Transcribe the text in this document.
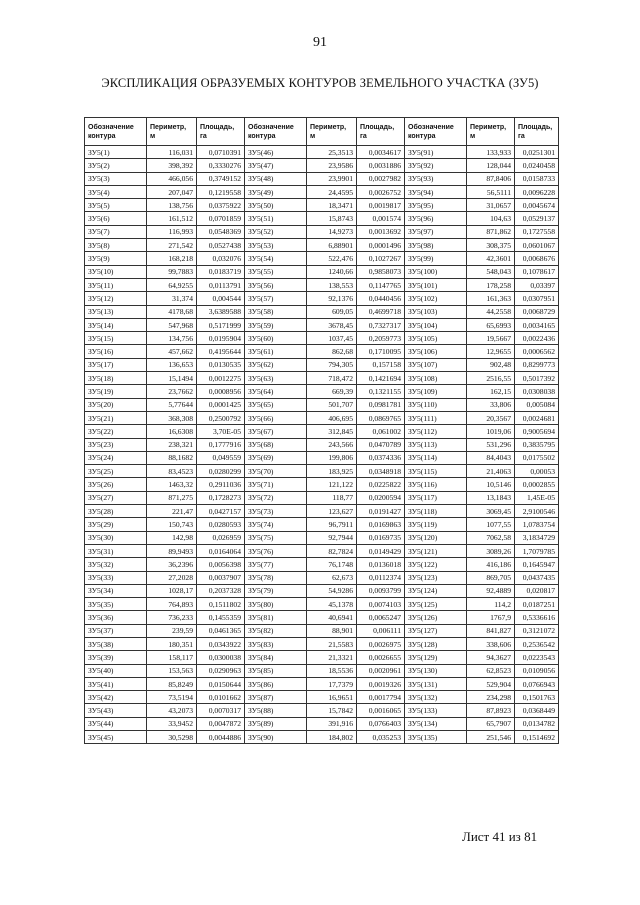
91
ЭКСПЛИКАЦИЯ ОБРАЗУЕМЫХ КОНТУРОВ ЗЕМЕЛЬНОГО УЧАСТКА (ЗУ5)
Обозначение контура	Периметр, м	Площадь, га	Обозначение контура	Периметр, м	Площадь, га	Обозначение контура	Периметр, м	Площадь, га
ЗУ5(1)	116,031	0,0710391	ЗУ5(46)	25,3513	0,0034617	ЗУ5(91)	133,933	0,0251301
ЗУ5(2)	398,392	0,3330276	ЗУ5(47)	23,9586	0,0031886	ЗУ5(92)	128,044	0,0240458
ЗУ5(3)	466,056	0,3749152	ЗУ5(48)	23,9901	0,0027982	ЗУ5(93)	87,8406	0,0158733
ЗУ5(4)	207,047	0,1219558	ЗУ5(49)	24,4595	0,0026752	ЗУ5(94)	56,5111	0,0096228
ЗУ5(5)	138,756	0,0375922	ЗУ5(50)	18,3471	0,0019817	ЗУ5(95)	31,0657	0,0045674
ЗУ5(6)	161,512	0,0701859	ЗУ5(51)	15,8743	0,001574	ЗУ5(96)	104,63	0,0529137
ЗУ5(7)	116,993	0,0548369	ЗУ5(52)	14,9273	0,0013692	ЗУ5(97)	871,862	0,1727558
ЗУ5(8)	271,542	0,0527438	ЗУ5(53)	6,88901	0,0001496	ЗУ5(98)	308,375	0,0601067
ЗУ5(9)	168,218	0,032076	ЗУ5(54)	522,476	0,1027267	ЗУ5(99)	42,3601	0,0068676
ЗУ5(10)	99,7883	0,0183719	ЗУ5(55)	1240,66	0,9858073	ЗУ5(100)	548,043	0,1078617
ЗУ5(11)	64,9255	0,0113791	ЗУ5(56)	138,553	0,1147765	ЗУ5(101)	178,258	0,03397
ЗУ5(12)	31,374	0,004544	ЗУ5(57)	92,1376	0,0440456	ЗУ5(102)	161,363	0,0307951
ЗУ5(13)	4178,68	3,6389588	ЗУ5(58)	609,05	0,4699718	ЗУ5(103)	44,2558	0,0068729
ЗУ5(14)	547,968	0,5171999	ЗУ5(59)	3678,45	0,7327317	ЗУ5(104)	65,6993	0,0034165
ЗУ5(15)	134,756	0,0195904	ЗУ5(60)	1037,45	0,2059773	ЗУ5(105)	19,5667	0,0022436
ЗУ5(16)	457,662	0,4195644	ЗУ5(61)	862,68	0,1710095	ЗУ5(106)	12,9655	0,0006562
ЗУ5(17)	136,653	0,0130535	ЗУ5(62)	794,305	0,157158	ЗУ5(107)	902,48	0,8299773
ЗУ5(18)	15,1494	0,0012275	ЗУ5(63)	718,472	0,1421694	ЗУ5(108)	2516,55	0,5017392
ЗУ5(19)	23,7662	0,0008956	ЗУ5(64)	669,39	0,1321155	ЗУ5(109)	162,15	0,0308038
ЗУ5(20)	5,77644	0,0001425	ЗУ5(65)	501,707	0,0981781	ЗУ5(110)	33,806	0,005084
ЗУ5(21)	368,308	0,2500792	ЗУ5(66)	406,695	0,0869765	ЗУ5(111)	20,3567	0,0024681
ЗУ5(22)	16,6308	3,70E-05	ЗУ5(67)	312,845	0,061002	ЗУ5(112)	1019,06	0,9005694
ЗУ5(23)	238,321	0,1777916	ЗУ5(68)	243,566	0,0470789	ЗУ5(113)	531,296	0,3835795
ЗУ5(24)	88,1682	0,049559	ЗУ5(69)	199,806	0,0374336	ЗУ5(114)	84,4043	0,0175502
ЗУ5(25)	83,4523	0,0280299	ЗУ5(70)	183,925	0,0348918	ЗУ5(115)	21,4063	0,00053
ЗУ5(26)	1463,32	0,2911036	ЗУ5(71)	121,122	0,0225822	ЗУ5(116)	10,5146	0,0002855
ЗУ5(27)	871,275	0,1728273	ЗУ5(72)	118,77	0,0200594	ЗУ5(117)	13,1843	1,45E-05
ЗУ5(28)	221,47	0,0427157	ЗУ5(73)	123,627	0,0191427	ЗУ5(118)	3069,45	2,9100546
ЗУ5(29)	150,743	0,0280593	ЗУ5(74)	96,7911	0,0169863	ЗУ5(119)	1077,55	1,0783754
ЗУ5(30)	142,98	0,026959	ЗУ5(75)	92,7944	0,0169735	ЗУ5(120)	7062,58	3,1834729
ЗУ5(31)	89,9493	0,0164064	ЗУ5(76)	82,7824	0,0149429	ЗУ5(121)	3089,26	1,7079785
ЗУ5(32)	36,2396	0,0056398	ЗУ5(77)	76,1748	0,0136018	ЗУ5(122)	416,186	0,1645947
ЗУ5(33)	27,2028	0,0037907	ЗУ5(78)	62,673	0,0112374	ЗУ5(123)	869,705	0,0437435
ЗУ5(34)	1028,17	0,2037328	ЗУ5(79)	54,9286	0,0093799	ЗУ5(124)	92,4889	0,020817
ЗУ5(35)	764,893	0,1511802	ЗУ5(80)	45,1378	0,0074103	ЗУ5(125)	114,2	0,0187251
ЗУ5(36)	736,233	0,1455359	ЗУ5(81)	40,6941	0,0065247	ЗУ5(126)	1767,9	0,5336616
ЗУ5(37)	239,59	0,0461365	ЗУ5(82)	88,901	0,006111	ЗУ5(127)	841,827	0,3121072
ЗУ5(38)	180,351	0,0343922	ЗУ5(83)	21,5583	0,0026975	ЗУ5(128)	338,606	0,2536542
ЗУ5(39)	158,117	0,0300038	ЗУ5(84)	21,3321	0,0026655	ЗУ5(129)	94,3627	0,0223543
ЗУ5(40)	153,563	0,0290963	ЗУ5(85)	18,5536	0,0020961	ЗУ5(130)	62,8523	0,0109056
ЗУ5(41)	85,8249	0,0150644	ЗУ5(86)	17,7379	0,0019326	ЗУ5(131)	529,904	0,0766943
ЗУ5(42)	73,5194	0,0101662	ЗУ5(87)	16,9651	0,0017794	ЗУ5(132)	234,298	0,1501763
ЗУ5(43)	43,2073	0,0070317	ЗУ5(88)	15,7842	0,0016065	ЗУ5(133)	87,8923	0,0368449
ЗУ5(44)	33,9452	0,0047872	ЗУ5(89)	391,916	0,0766403	ЗУ5(134)	65,7907	0,0134782
ЗУ5(45)	30,5298	0,0044886	ЗУ5(90)	184,802	0,035253	ЗУ5(135)	251,546	0,1514692
Лист 41 из 81
